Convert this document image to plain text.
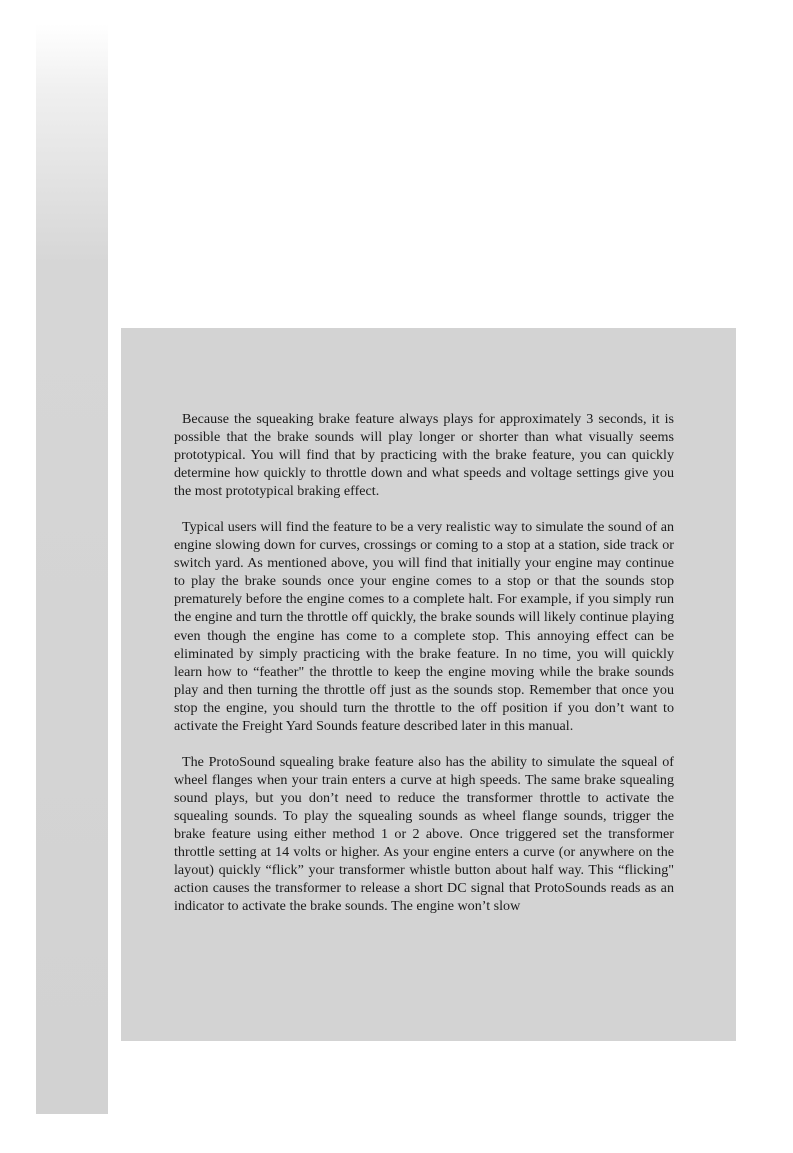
Because the squeaking brake feature always plays for approximately 3 seconds, it is possible that the brake sounds will play longer or shorter than what visually seems prototypical. You will find that by practicing with the brake feature, you can quickly determine how quickly to throttle down and what speeds and voltage settings give you the most prototypical braking effect.

Typical users will find the feature to be a very realistic way to simulate the sound of an engine slowing down for curves, crossings or coming to a stop at a station, side track or switch yard. As mentioned above, you will find that initially your engine may continue to play the brake sounds once your engine comes to a stop or that the sounds stop prematurely before the engine comes to a complete halt. For example, if you simply run the engine and turn the throttle off quickly, the brake sounds will likely continue playing even though the engine has come to a complete stop. This annoying effect can be eliminated by simply practicing with the brake feature. In no time, you will quickly learn how to “feather" the throttle to keep the engine moving while the brake sounds play and then turning the throttle off just as the sounds stop. Remember that once you stop the engine, you should turn the throttle to the off position if you don’t want to activate the Freight Yard Sounds feature described later in this manual.

The ProtoSound squealing brake feature also has the ability to simulate the squeal of wheel flanges when your train enters a curve at high speeds. The same brake squealing sound plays, but you don’t need to reduce the transformer throttle to activate the squealing sounds. To play the squealing sounds as wheel flange sounds, trigger the brake feature using either method 1 or 2 above. Once triggered set the transformer throttle setting at 14 volts or higher. As your engine enters a curve (or anywhere on the layout) quickly “flick” your transformer whistle button about half way. This “flicking" action causes the transformer to release a short DC signal that ProtoSounds reads as an indicator to activate the brake sounds. The engine won’t slow
